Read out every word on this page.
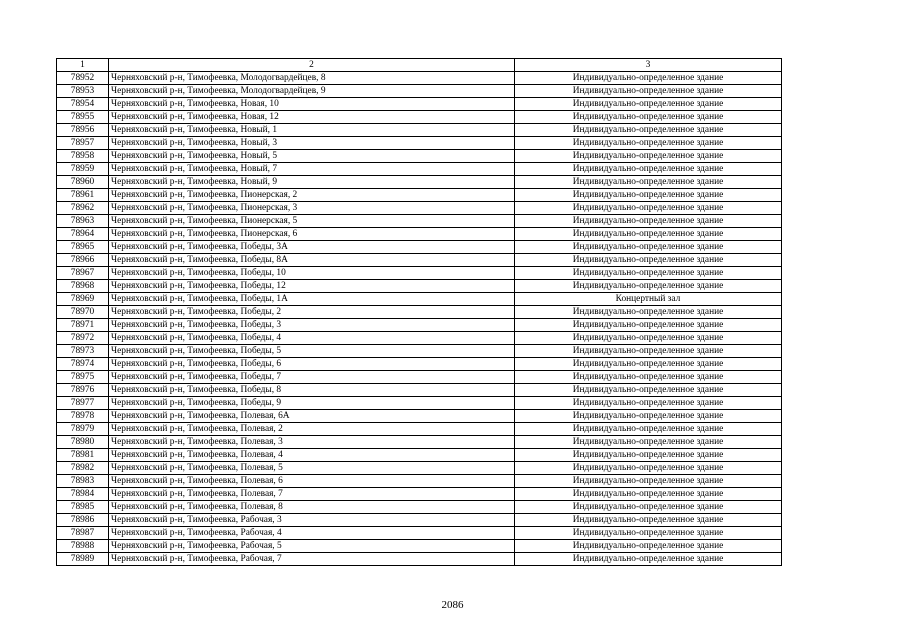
1	2	3
78952	Черняховский р-н, Тимофеевка, Молодогвардейцев, 8	Индивидуально-определенное здание
78953	Черняховский р-н, Тимофеевка, Молодогвардейцев, 9	Индивидуально-определенное здание
78954	Черняховский р-н, Тимофеевка, Новая, 10	Индивидуально-определенное здание
78955	Черняховский р-н, Тимофеевка, Новая, 12	Индивидуально-определенное здание
78956	Черняховский р-н, Тимофеевка, Новый, 1	Индивидуально-определенное здание
78957	Черняховский р-н, Тимофеевка, Новый, 3	Индивидуально-определенное здание
78958	Черняховский р-н, Тимофеевка, Новый, 5	Индивидуально-определенное здание
78959	Черняховский р-н, Тимофеевка, Новый, 7	Индивидуально-определенное здание
78960	Черняховский р-н, Тимофеевка, Новый, 9	Индивидуально-определенное здание
78961	Черняховский р-н, Тимофеевка, Пионерская, 2	Индивидуально-определенное здание
78962	Черняховский р-н, Тимофеевка, Пионерская, 3	Индивидуально-определенное здание
78963	Черняховский р-н, Тимофеевка, Пионерская, 5	Индивидуально-определенное здание
78964	Черняховский р-н, Тимофеевка, Пионерская, 6	Индивидуально-определенное здание
78965	Черняховский р-н, Тимофеевка, Победы, 3А	Индивидуально-определенное здание
78966	Черняховский р-н, Тимофеевка, Победы, 8А	Индивидуально-определенное здание
78967	Черняховский р-н, Тимофеевка, Победы, 10	Индивидуально-определенное здание
78968	Черняховский р-н, Тимофеевка, Победы, 12	Индивидуально-определенное здание
78969	Черняховский р-н, Тимофеевка, Победы, 1А	Концертный зал
78970	Черняховский р-н, Тимофеевка, Победы, 2	Индивидуально-определенное здание
78971	Черняховский р-н, Тимофеевка, Победы, 3	Индивидуально-определенное здание
78972	Черняховский р-н, Тимофеевка, Победы, 4	Индивидуально-определенное здание
78973	Черняховский р-н, Тимофеевка, Победы, 5	Индивидуально-определенное здание
78974	Черняховский р-н, Тимофеевка, Победы, 6	Индивидуально-определенное здание
78975	Черняховский р-н, Тимофеевка, Победы, 7	Индивидуально-определенное здание
78976	Черняховский р-н, Тимофеевка, Победы, 8	Индивидуально-определенное здание
78977	Черняховский р-н, Тимофеевка, Победы, 9	Индивидуально-определенное здание
78978	Черняховский р-н, Тимофеевка, Полевая, 6А	Индивидуально-определенное здание
78979	Черняховский р-н, Тимофеевка, Полевая, 2	Индивидуально-определенное здание
78980	Черняховский р-н, Тимофеевка, Полевая, 3	Индивидуально-определенное здание
78981	Черняховский р-н, Тимофеевка, Полевая, 4	Индивидуально-определенное здание
78982	Черняховский р-н, Тимофеевка, Полевая, 5	Индивидуально-определенное здание
78983	Черняховский р-н, Тимофеевка, Полевая, 6	Индивидуально-определенное здание
78984	Черняховский р-н, Тимофеевка, Полевая, 7	Индивидуально-определенное здание
78985	Черняховский р-н, Тимофеевка, Полевая, 8	Индивидуально-определенное здание
78986	Черняховский р-н, Тимофеевка, Рабочая, 3	Индивидуально-определенное здание
78987	Черняховский р-н, Тимофеевка, Рабочая, 4	Индивидуально-определенное здание
78988	Черняховский р-н, Тимофеевка, Рабочая, 5	Индивидуально-определенное здание
78989	Черняховский р-н, Тимофеевка, Рабочая, 7	Индивидуально-определенное здание
2086
